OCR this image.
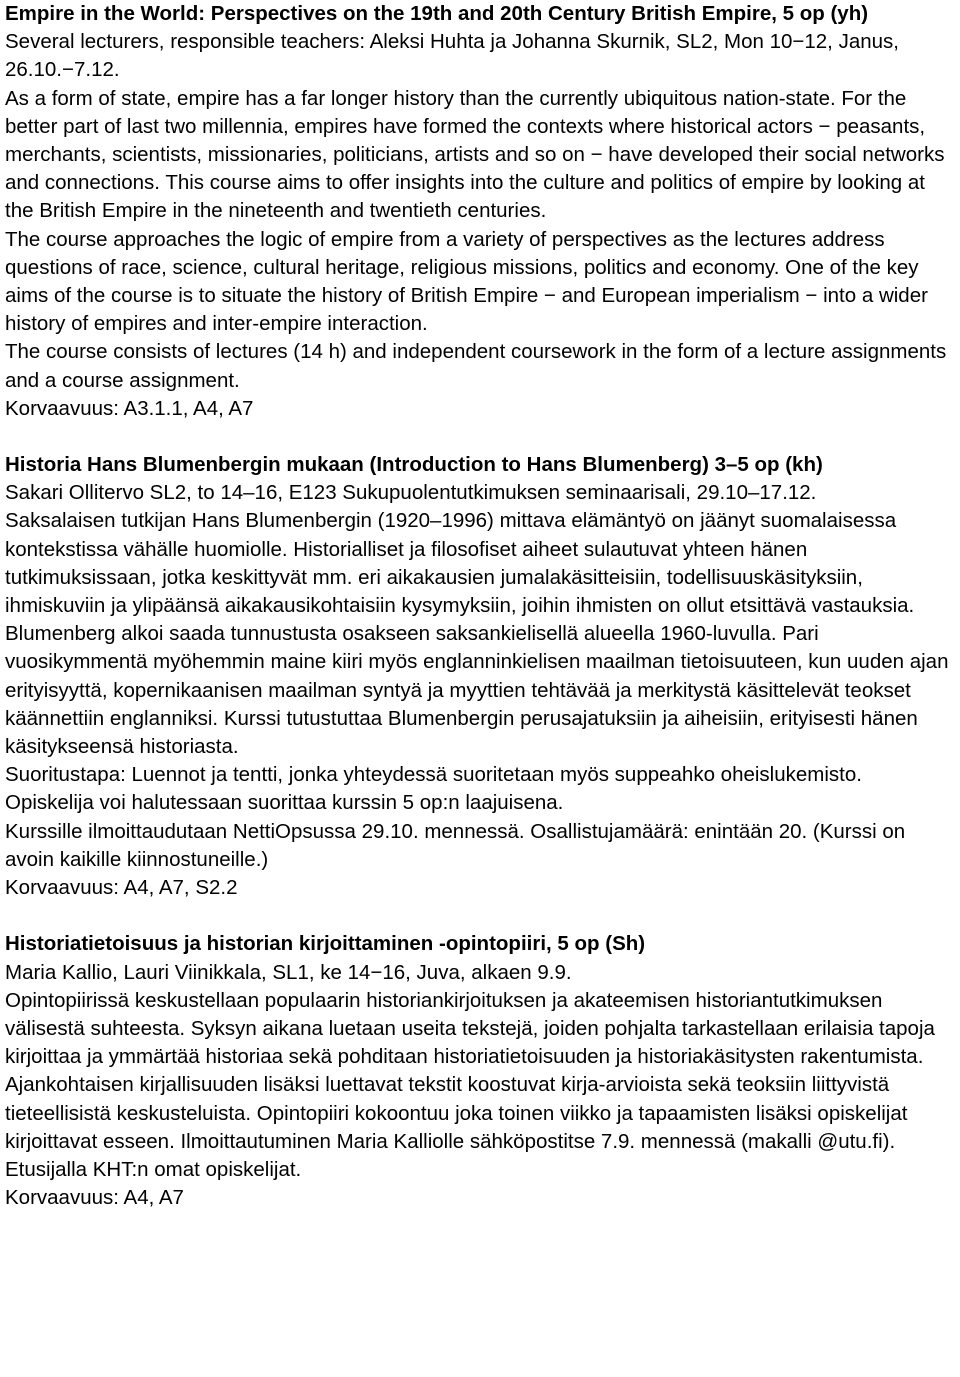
Empire in the World: Perspectives on the 19th and 20th Century British Empire, 5 op (yh)

Several lecturers, responsible teachers: Aleksi Huhta ja Johanna Skurnik, SL2, Mon 10−12, Janus, 26.10.−7.12.

As a form of state, empire has a far longer history than the currently ubiquitous nation-state. For the better part of last two millennia, empires have formed the contexts where historical actors − peasants, merchants, scientists, missionaries, politicians, artists and so on − have developed their social networks and connections. This course aims to offer insights into the culture and politics of empire by looking at the British Empire in the nineteenth and twentieth centuries.

The course approaches the logic of empire from a variety of perspectives as the lectures address questions of race, science, cultural heritage, religious missions, politics and economy. One of the key aims of the course is to situate the history of British Empire − and European imperialism − into a wider history of empires and inter-empire interaction.

The course consists of lectures (14 h) and independent coursework in the form of a lecture assignments and a course assignment.

Korvaavuus: A3.1.1, A4, A7

Historia Hans Blumenbergin mukaan (Introduction to Hans Blumenberg) 3–5 op (kh)

Sakari Ollitervo SL2, to 14–16, E123 Sukupuolentutkimuksen seminaarisali, 29.10–17.12.

Saksalaisen tutkijan Hans Blumenbergin (1920–1996) mittava elämäntyö on jäänyt suomalaisessa kontekstissa vähälle huomiolle. Historialliset ja filosofiset aiheet sulautuvat yhteen hänen tutkimuksissaan, jotka keskittyvät mm. eri aikakausien jumalakäsitteisiin, todellisuuskäsityksiin, ihmiskuviin ja ylipäänsä aikakausikohtaisiin kysymyksiin, joihin ihmisten on ollut etsittävä vastauksia. Blumenberg alkoi saada tunnustusta osakseen saksankielisellä alueella 1960-luvulla. Pari vuosikymmentä myöhemmin maine kiiri myös englanninkielisen maailman tietoisuuteen, kun uuden ajan erityisyyttä, kopernikaanisen maailman syntyä ja myyttien tehtävää ja merkitystä käsittelevät teokset käännettiin englanniksi. Kurssi tutustuttaa Blumenbergin perusajatuksiin ja aiheisiin, erityisesti hänen käsitykseensä historiasta.

Suoritustapa: Luennot ja tentti, jonka yhteydessä suoritetaan myös suppeahko oheislukemisto. Opiskelija voi halutessaan suorittaa kurssin 5 op:n laajuisena.

Kurssille ilmoittaudutaan NettiOpsussa 29.10. mennessä. Osallistujamäärä: enintään 20. (Kurssi on avoin kaikille kiinnostuneille.)

Korvaavuus: A4, A7, S2.2

Historiatietoisuus ja historian kirjoittaminen -opintopiiri, 5 op (Sh)

Maria Kallio, Lauri Viinikkala, SL1, ke 14−16, Juva, alkaen 9.9.

Opintopiirissä keskustellaan populaarin historiankirjoituksen ja akateemisen historiantutkimuksen välisestä suhteesta. Syksyn aikana luetaan useita tekstejä, joiden pohjalta tarkastellaan erilaisia tapoja kirjoittaa ja ymmärtää historiaa sekä pohditaan historiatietoisuuden ja historiakäsitysten rakentumista. Ajankohtaisen kirjallisuuden lisäksi luettavat tekstit koostuvat kirja-arvioista sekä teoksiin liittyvistä tieteellisistä keskusteluista. Opintopiiri kokoontuu joka toinen viikko ja tapaamisten lisäksi opiskelijat kirjoittavat esseen. Ilmoittautuminen Maria Kalliolle sähköpostitse 7.9. mennessä (makalli @utu.fi). Etusijalla KHT:n omat opiskelijat.

Korvaavuus: A4, A7
